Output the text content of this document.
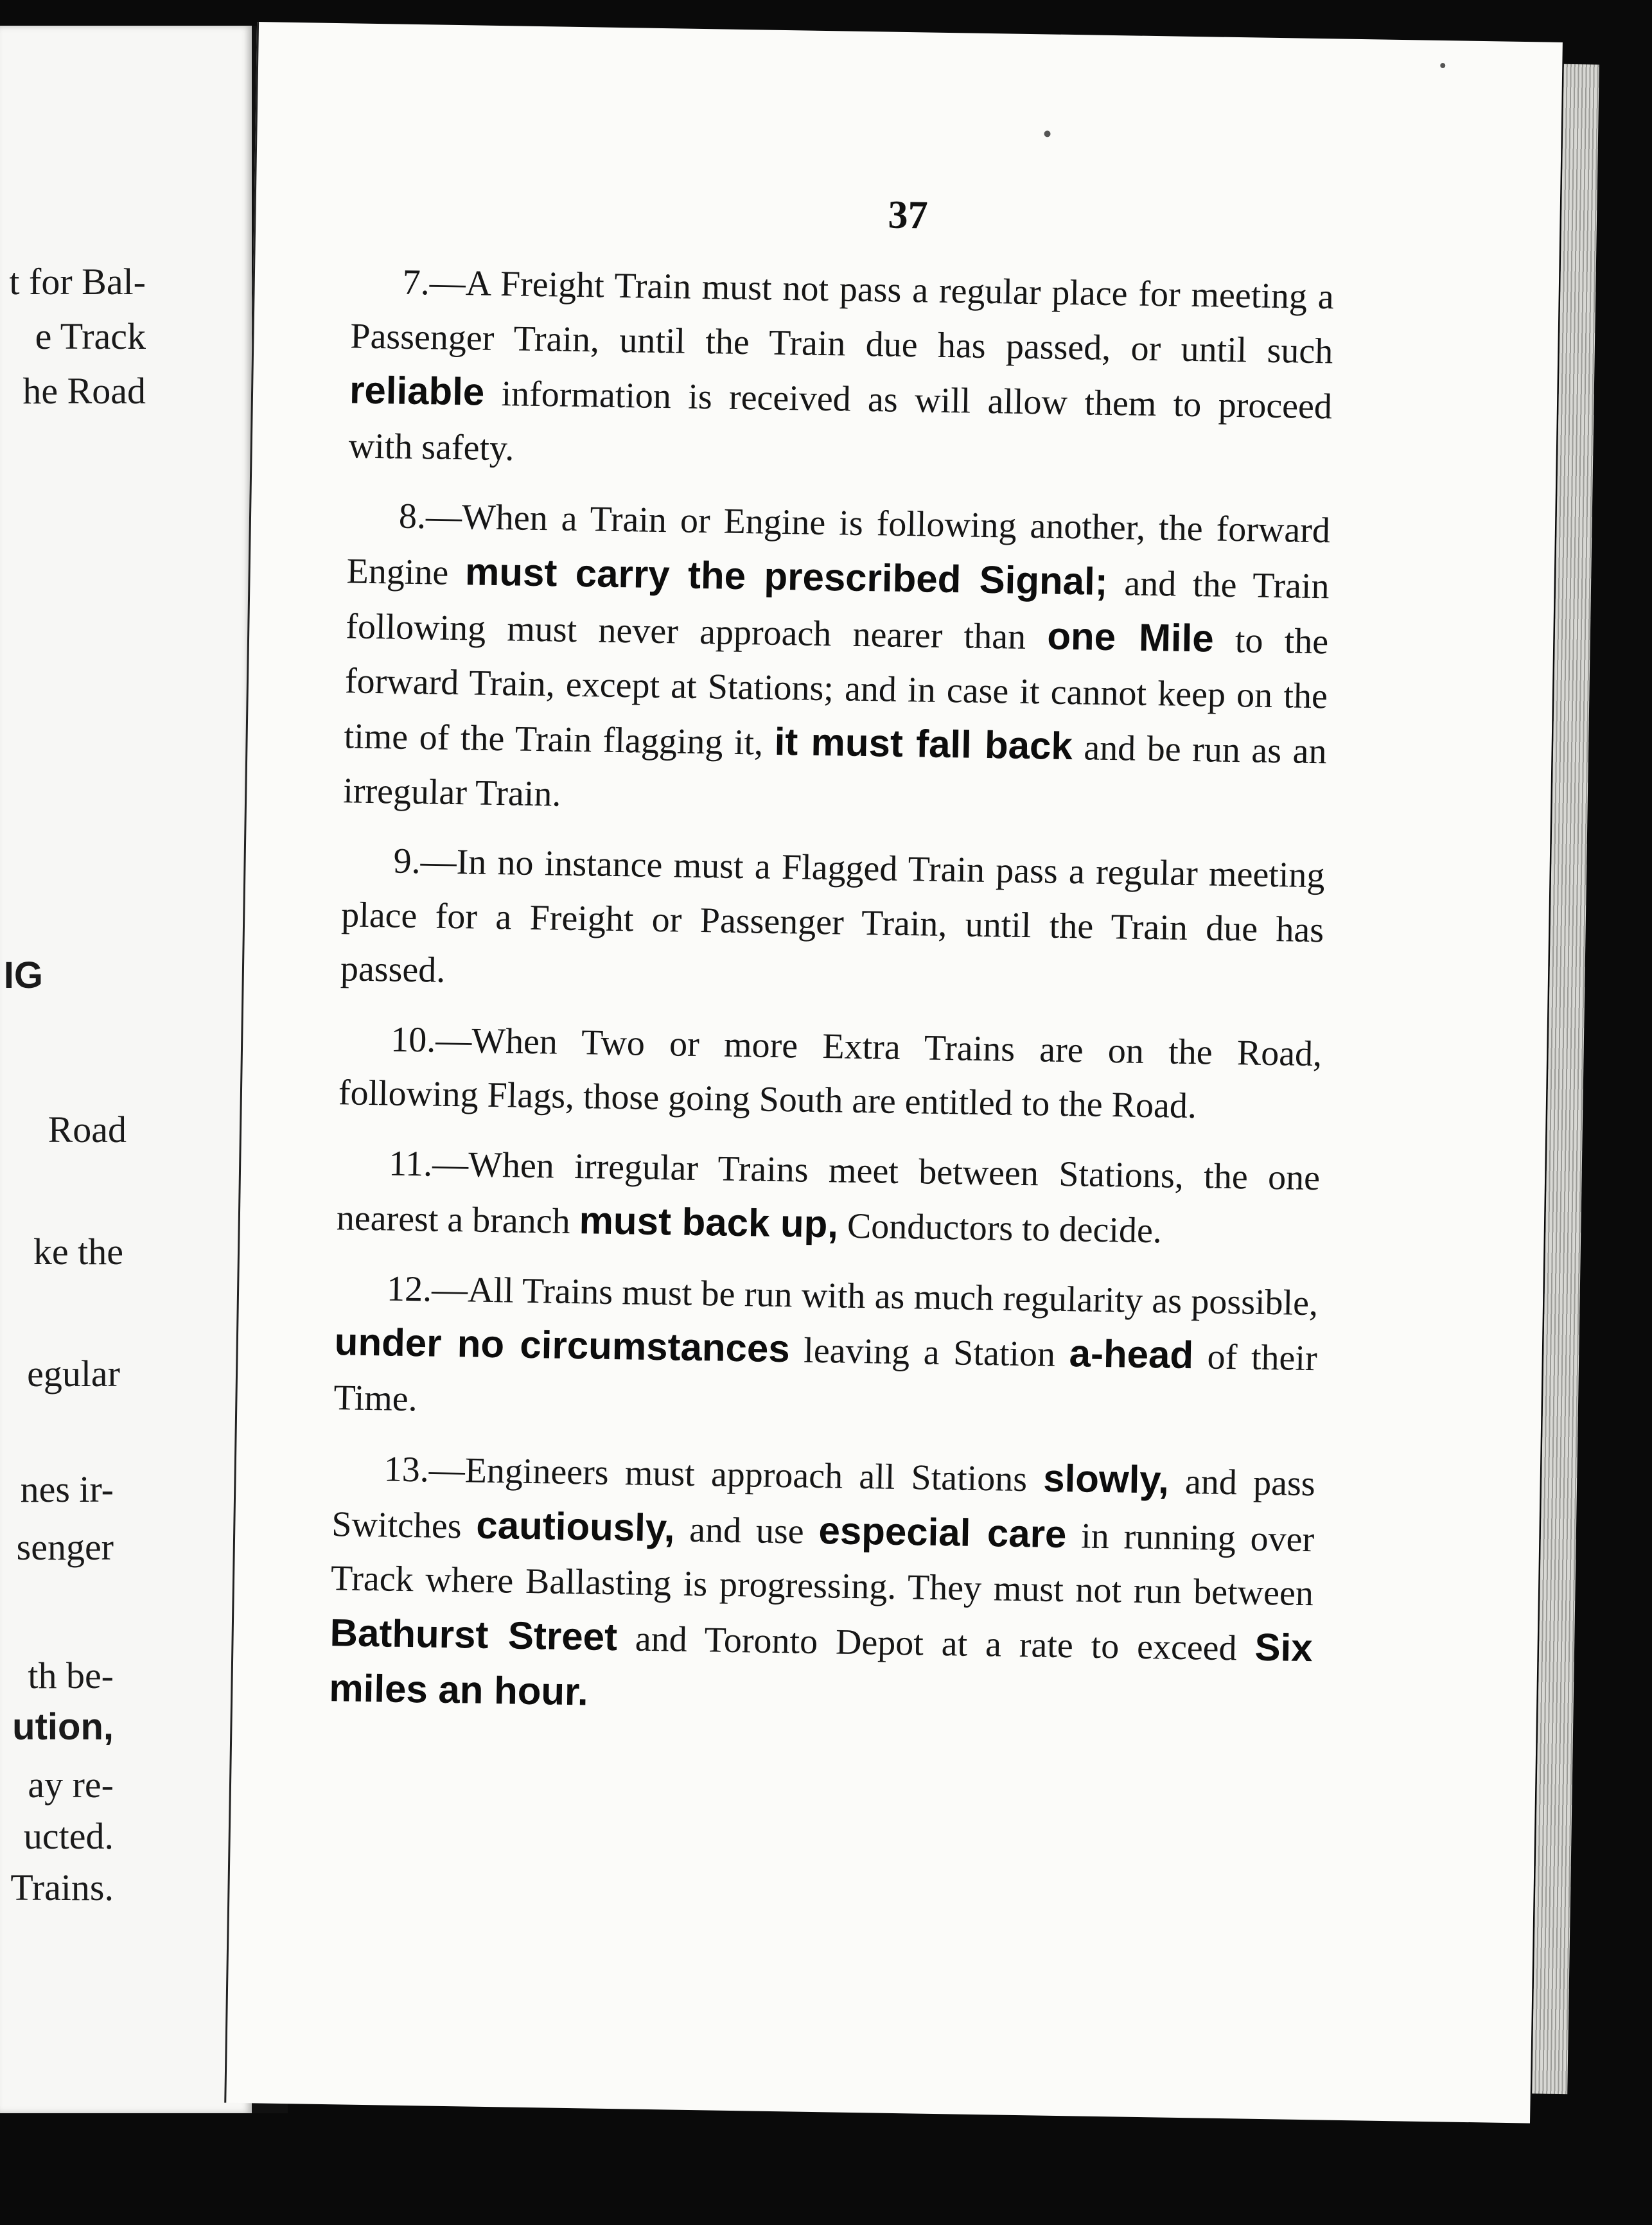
t for Bal-
e Track
he Road
IG
Road
ke the
egular
nes ir-
senger
th be-
ution,
ay re-
ucted.
Trains.
37

7.—A Freight Train must not pass a regular place for meeting a Passenger Train, until the Train due has passed, or until such reliable information is received as will allow them to proceed with safety.

8.—When a Train or Engine is following another, the forward Engine must carry the prescribed Signal; and the Train following must never approach nearer than one Mile to the forward Train, except at Stations; and in case it cannot keep on the time of the Train flagging it, it must fall back and be run as an irregular Train.

9.—In no instance must a Flagged Train pass a regular meeting place for a Freight or Passenger Train, until the Train due has passed.

10.—When Two or more Extra Trains are on the Road, following Flags, those going South are entitled to the Road.

11.—When irregular Trains meet between Stations, the one nearest a branch must back up, Conductors to decide.

12.—All Trains must be run with as much regularity as possible, under no circumstances leaving a Station a-head of their Time.

13.—Engineers must approach all Stations slowly, and pass Switches cautiously, and use especial care in running over Track where Ballasting is progressing. They must not run between Bathurst Street and Toronto Depot at a rate to exceed Six miles an hour.
